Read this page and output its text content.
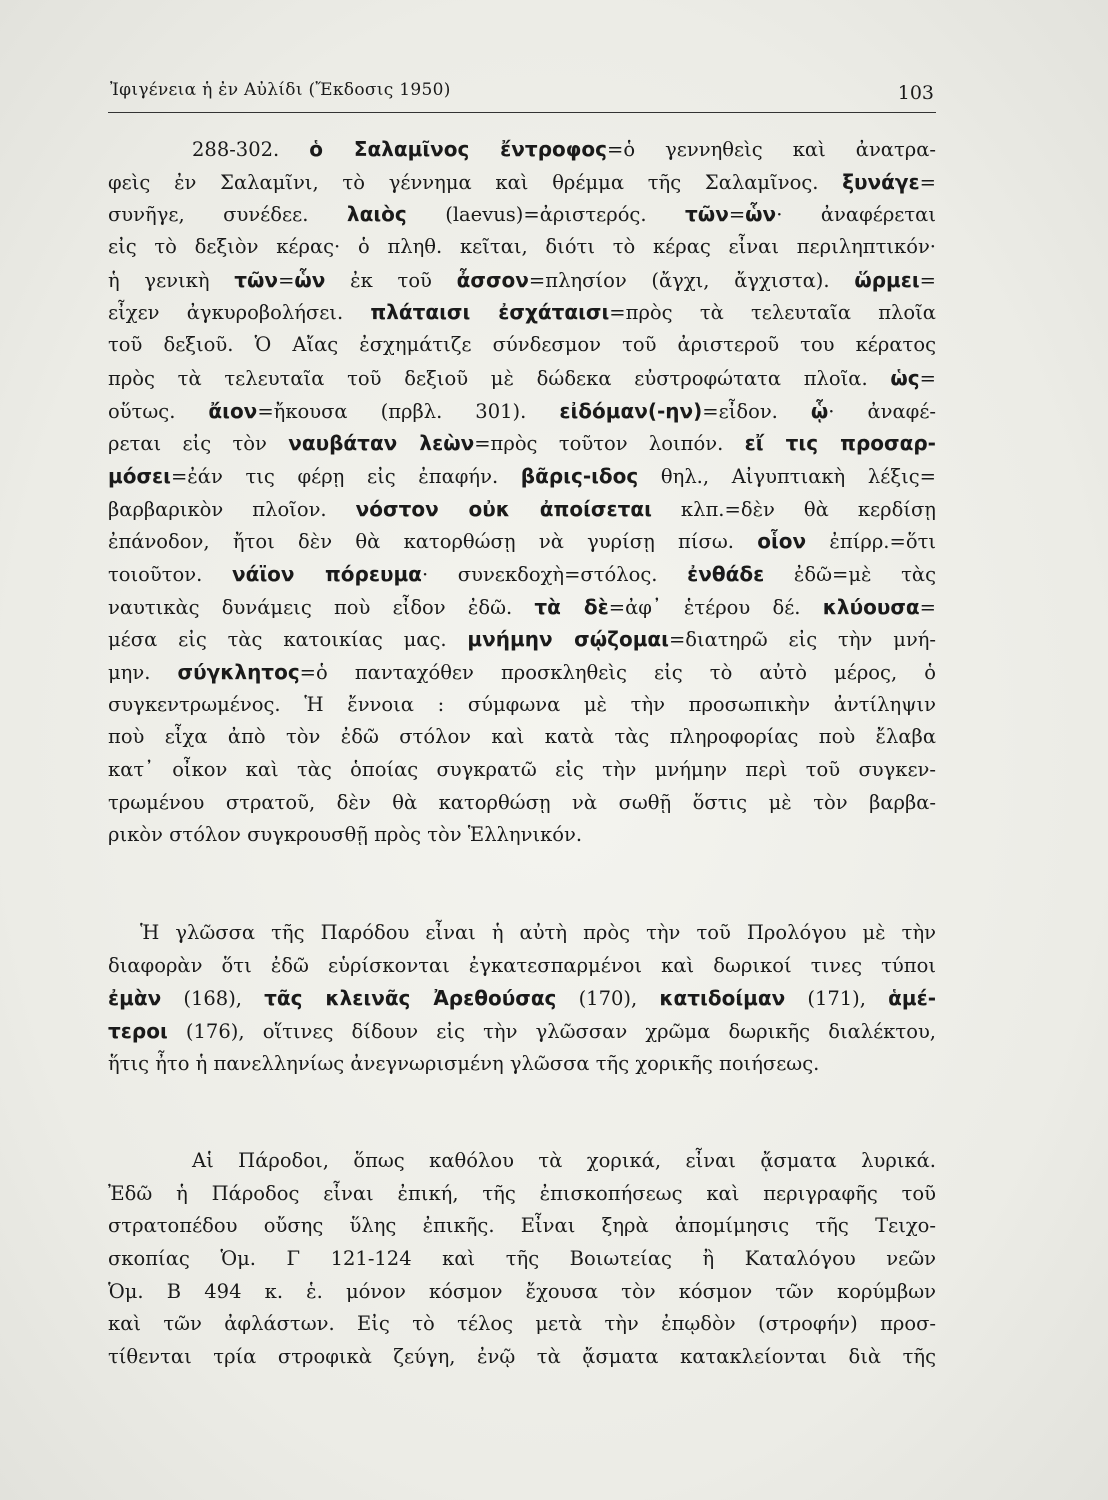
Ἰφιγένεια ἡ ἐν Αὐλίδι (Ἔκδοσις 1950)	103
288-302. ὁ Σαλαμῖνος ἔντροφος=ὁ γεννηθεὶς καὶ ἀνατρα-
φεὶς ἐν Σαλαμῖνι, τὸ γέννημα καὶ θρέμμα τῆς Σαλαμῖνος. ξυνάγε=
συνῆγε, συνέδεε. λαιὸς (laevus)=ἀριστερός. τῶν=ὧν· ἀναφέρεται
εἰς τὸ δεξιὸν κέρας· ὁ πληθ. κεῖται, διότι τὸ κέρας εἶναι περιληπτικόν·
ἡ γενικὴ τῶν=ὧν ἐκ τοῦ ἆσσον=πλησίον (ἄγχι, ἄγχιστα). ὥρμει=
εἶχεν ἀγκυροβολήσει. πλάταισι ἐσχάταισι=πρὸς τὰ τελευταῖα πλοῖα
τοῦ δεξιοῦ. Ὁ Αἴας ἐσχημάτιζε σύνδεσμον τοῦ ἀριστεροῦ του κέρατος
πρὸς τὰ τελευταῖα τοῦ δεξιοῦ μὲ δώδεκα εὐστροφώτατα πλοῖα. ὡς=
οὕτως. ἄιον=ἤκουσα (πρβλ. 301). εἰδόμαν(-ην)=εἶδον. ᾧ· ἀναφέ-
ρεται εἰς τὸν ναυβάταν λεὼν=πρὸς τοῦτον λοιπόν. εἴ τις προσαρ-
μόσει=ἐάν τις φέρῃ εἰς ἐπαφήν. βᾶρις-ιδος θηλ., Αἰγυπτιακὴ λέξις=
βαρβαρικὸν πλοῖον. νόστον οὐκ ἀποίσεται κλπ.=δὲν θὰ κερδίσῃ
ἐπάνοδον, ἤτοι δὲν θὰ κατορθώσῃ νὰ γυρίσῃ πίσω. οἷον ἐπίρρ.=ὅτι
τοιοῦτον. νάϊον πόρευμα· συνεκδοχὴ=στόλος. ἐνθάδε ἐδῶ=μὲ τὰς
ναυτικὰς δυνάμεις ποὺ εἶδον ἐδῶ. τὰ δὲ=ἀφ᾿ ἑτέρου δέ. κλύουσα=
μέσα εἰς τὰς κατοικίας μας. μνήμην σῴζομαι=διατηρῶ εἰς τὴν μνή-
μην. σύγκλητος=ὁ πανταχόθεν προσκληθεὶς εἰς τὸ αὐτὸ μέρος, ὁ
συγκεντρωμένος. Ἡ ἔννοια : σύμφωνα μὲ τὴν προσωπικὴν ἀντίληψιν
ποὺ εἶχα ἀπὸ τὸν ἐδῶ στόλον καὶ κατὰ τὰς πληροφορίας ποὺ ἔλαβα
κατ᾿ οἶκον καὶ τὰς ὁποίας συγκρατῶ εἰς τὴν μνήμην περὶ τοῦ συγκεν-
τρωμένου στρατοῦ, δὲν θὰ κατορθώσῃ νὰ σωθῇ ὅστις μὲ τὸν βαρβα-
ρικὸν στόλον συγκρουσθῇ πρὸς τὸν Ἑλληνικόν.
Ἡ γλῶσσα τῆς Παρόδου εἶναι ἡ αὐτὴ πρὸς τὴν τοῦ Προλόγου μὲ τὴν
διαφορὰν ὅτι ἐδῶ εὑρίσκονται ἐγκατεσπαρμένοι καὶ δωρικοί τινες τύποι
ἐμὰν (168), τᾶς κλεινᾶς Ἀρεθούσας (170), κατιδοίμαν (171), ἁμέ-
τεροι (176), οἵτινες δίδουν εἰς τὴν γλῶσσαν χρῶμα δωρικῆς διαλέκτου,
ἥτις ἦτο ἡ πανελληνίως ἀνεγνωρισμένη γλῶσσα τῆς χορικῆς ποιήσεως.
Αἱ Πάροδοι, ὅπως καθόλου τὰ χορικά, εἶναι ᾄσματα λυρικά.
Ἐδῶ ἡ Πάροδος εἶναι ἐπική, τῆς ἐπισκοπήσεως καὶ περιγραφῆς τοῦ
στρατοπέδου οὔσης ὕλης ἐπικῆς. Εἶναι ξηρὰ ἀπομίμησις τῆς Τειχο-
σκοπίας Ὁμ. Γ 121-124 καὶ τῆς Βοιωτείας ἢ Καταλόγου νεῶν
Ὁμ. Β 494 κ. ἑ. μόνον κόσμον ἔχουσα τὸν κόσμον τῶν κορύμβων
καὶ τῶν ἀφλάστων. Εἰς τὸ τέλος μετὰ τὴν ἐπῳδὸν (στροφήν) προσ-
τίθενται τρία στροφικὰ ζεύγη, ἐνῷ τὰ ᾄσματα κατακλείονται διὰ τῆς
